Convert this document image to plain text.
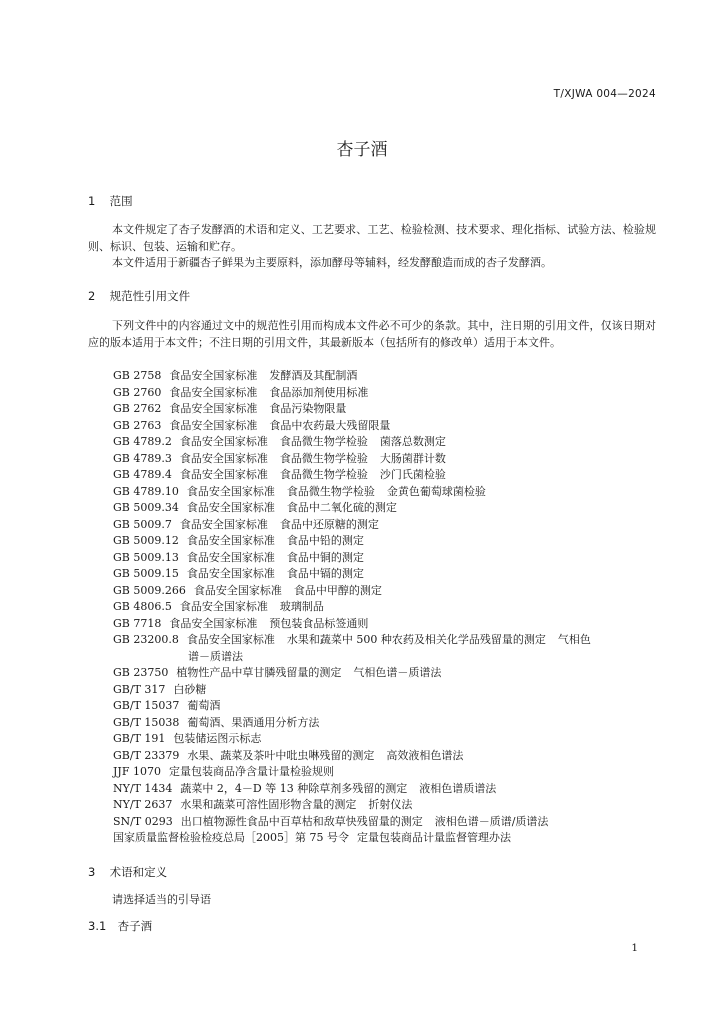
T/XJWA 004—2024
杏子酒
1 范围
本文件规定了杏子发酵酒的术语和定义、工艺要求、工艺、检验检测、技术要求、理化指标、试验方法、检验规则、标识、包装、运输和贮存。
本文件适用于新疆杏子鲜果为主要原料，添加酵母等辅料，经发酵酿造而成的杏子发酵酒。
2 规范性引用文件
下列文件中的内容通过文中的规范性引用而构成本文件必不可少的条款。其中，注日期的引用文件，仅该日期对应的版本适用于本文件；不注日期的引用文件，其最新版本（包括所有的修改单）适用于本文件。
GB 2758 食品安全国家标准 发酵酒及其配制酒
GB 2760 食品安全国家标准 食品添加剂使用标准
GB 2762 食品安全国家标准 食品污染物限量
GB 2763 食品安全国家标准 食品中农药最大残留限量
GB 4789.2 食品安全国家标准 食品微生物学检验 菌落总数测定
GB 4789.3 食品安全国家标准 食品微生物学检验 大肠菌群计数
GB 4789.4 食品安全国家标准 食品微生物学检验 沙门氏菌检验
GB 4789.10 食品安全国家标准 食品微生物学检验 金黄色葡萄球菌检验
GB 5009.34 食品安全国家标准 食品中二氧化硫的测定
GB 5009.7 食品安全国家标准 食品中还原糖的测定
GB 5009.12 食品安全国家标准 食品中铅的测定
GB 5009.13 食品安全国家标准 食品中铜的测定
GB 5009.15 食品安全国家标准 食品中镉的测定
GB 5009.266 食品安全国家标准 食品中甲醇的测定
GB 4806.5 食品安全国家标准 玻璃制品
GB 7718 食品安全国家标准 预包装食品标签通则
GB 23200.8 食品安全国家标准 水果和蔬菜中 500 种农药及相关化学品残留量的测定 气相色
谱－质谱法
GB 23750 植物性产品中草甘膦残留量的测定 气相色谱－质谱法
GB/T 317 白砂糖
GB/T 15037 葡萄酒
GB/T 15038 葡萄酒、果酒通用分析方法
GB/T 191 包装储运图示标志
GB/T 23379 水果、蔬菜及茶叶中吡虫啉残留的测定 高效液相色谱法
JJF 1070 定量包装商品净含量计量检验规则
NY/T 1434 蔬菜中 2，4－D 等 13 种除草剂多残留的测定 液相色谱质谱法
NY/T 2637 水果和蔬菜可溶性固形物含量的测定 折射仪法
SN/T 0293 出口植物源性食品中百草枯和敌草快残留量的测定 液相色谱－质谱/质谱法
国家质量监督检验检疫总局［2005］第 75 号令 定量包装商品计量监督管理办法
3 术语和定义
请选择适当的引导语
3.1 杏子酒
1
